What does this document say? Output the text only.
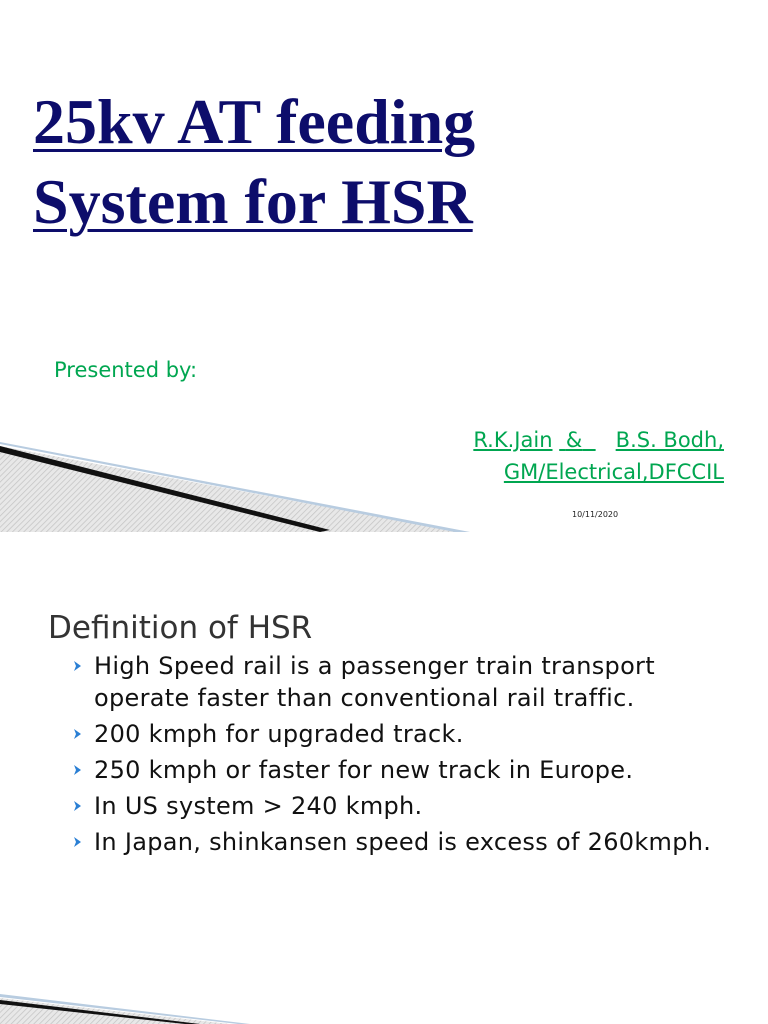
25kv AT feeding
System for HSR
Presented by:
R.K.Jain & B.S. Bodh,
GM/Electrical,DFCCIL
10/11/2020
Definition of HSR
High Speed rail is a passenger train transport operate faster than conventional rail traffic.
200 kmph for upgraded track.
250 kmph or faster for new track in Europe.
In US system > 240 kmph.
In Japan, shinkansen speed is excess of 260kmph.
